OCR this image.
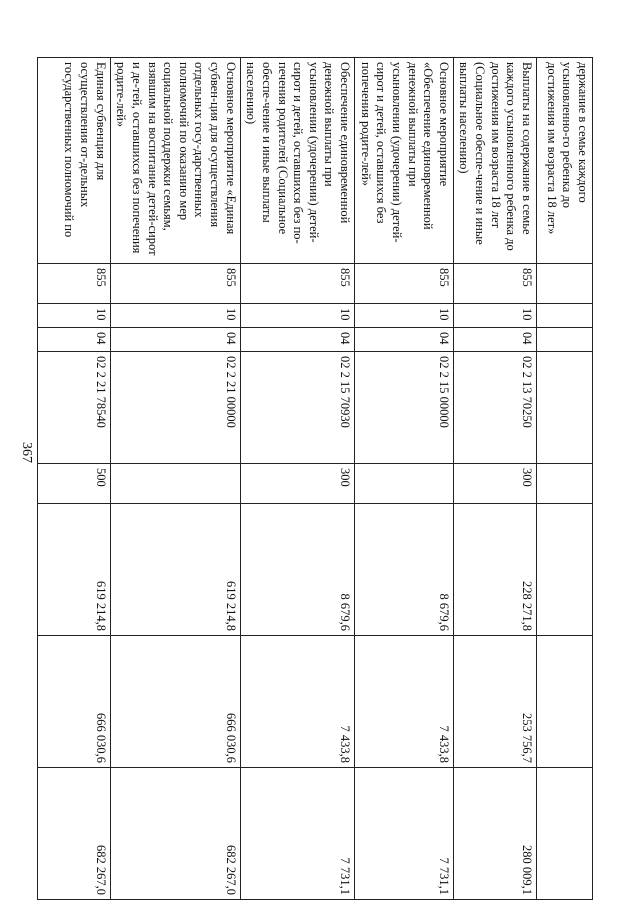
367
держание в семье каждого усыновленно-го ребенка до достижения им возраста 18 лет»								
Выплаты на содержание в семье каждого усыновленного ребенка до достижения им возраста 18 лет (Социальное обеспе-чение и иные выплаты населению)	855	10	04	02 2 13 70250	300	228 271,8	253 756,7	280 009,1
Основное мероприятие «Обеспечение единовременной денежной выплаты при усыновлении (удочерении) детей-сирот и детей, оставшихся без попечения родите-лей»	855	10	04	02 2 15 00000		8 679,6	7 433,8	7 731,1
Обеспечение единовременной денежной выплаты при усыновлении (удочерении) детей-сирот и детей, оставшихся без по-печения родителей (Социальное обеспе-чение и иные выплаты населению)	855	10	04	02 2 15 70930	300	8 679,6	7 433,8	7 731,1
Основное мероприятие «Единая субвен-ция для осуществления отдельных госу-дарственных полномочий по оказанию мер социальной поддержки семьям, взявшим на воспитание детей-сирот и де-тей, оставшихся без попечения родите-лей»	855	10	04	02 2 21 00000		619 214,8	666 030,6	682 267,0
Единая субвенция для осуществления от-дельных государственных полномочий по	855	10	04	02 2 21 78540	500	619 214,8	666 030,6	682 267,0
